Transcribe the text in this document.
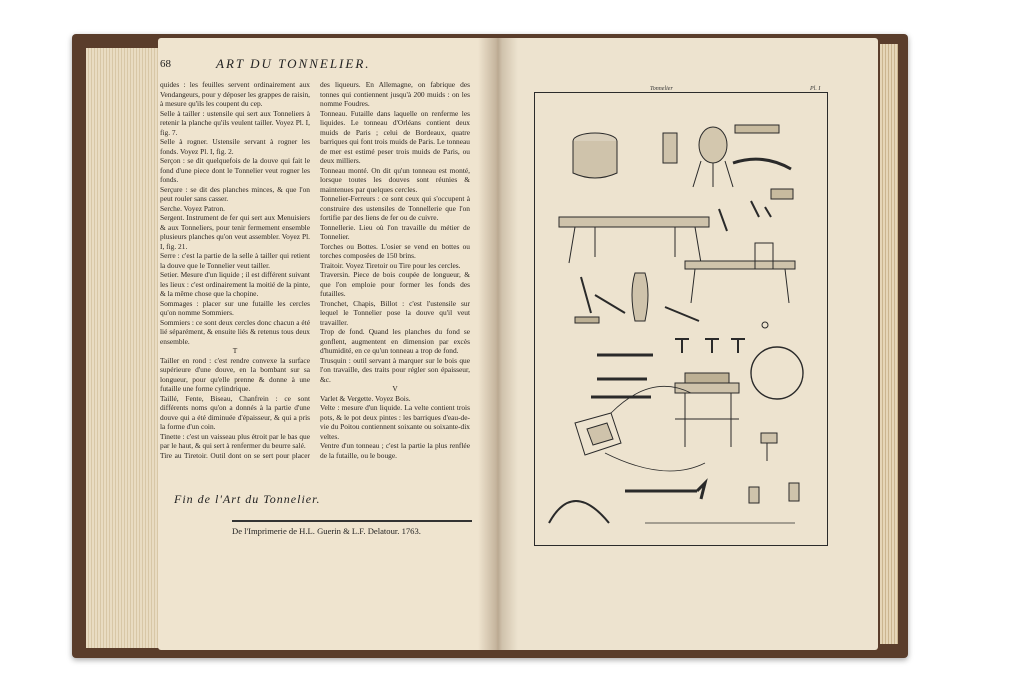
68	ART DU TONNELIER.

quides : les feuilles servent ordinairement aux Vendangeurs, pour y déposer les grappes de raisin, à mesure qu'ils les coupent du cep.

Selle à tailler : ustensile qui sert aux Tonneliers à retenir la planche qu'ils veulent tailler. Voyez Pl. I, fig. 7.

Selle à rogner. Ustensile servant à rogner les fonds. Voyez Pl. I, fig. 2.

Serçon : se dit quelquefois de la douve qui fait le fond d'une piece dont le Tonnelier veut rogner les fonds.

Serçure : se dit des planches minces, & que l'on peut rouler sans casser.

Serche. Voyez Patron.

Sergent. Instrument de fer qui sert aux Menuisiers & aux Tonneliers, pour tenir fermement ensemble plusieurs planches qu'on veut assembler. Voyez Pl. I, fig. 21.

Serre : c'est la partie de la selle à tailler qui retient la douve que le Tonnelier veut tailler.

Setier. Mesure d'un liquide ; il est différent suivant les lieux : c'est ordinairement la moitié de la pinte, & la même chose que la chopine.

Sommages : placer sur une futaille les cercles qu'on nomme Sommiers.

Sommiers : ce sont deux cercles donc chacun a été lié séparément, & ensuite liés & retenus tous deux ensemble.

T

Tailler en rond : c'est rendre convexe la surface supérieure d'une douve, en la bombant sur sa longueur, pour qu'elle prenne & donne à une futaille une forme cylindrique.

Taillé, Fente, Biseau, Chanfrein : ce sont différents noms qu'on a donnés à la partie d'une douve qui a été diminuée d'épaisseur, & qui a pris la forme d'un coin.

Tinette : c'est un vaisseau plus étroit par le bas que par le haut, & qui sert à renfermer du beurre salé.

Tire au Tiretoir. Outil dont on se sert pour placer

des liqueurs. En Allemagne, on fabrique des tonnes qui contiennent jusqu'à 200 muids : on les nomme Foudres.

Tonneau. Futaille dans laquelle on renferme les liquides. Le tonneau d'Orléans contient deux muids de Paris ; celui de Bordeaux, quatre barriques qui font trois muids de Paris. Le tonneau de mer est estimé peser trois muids de Paris, ou deux milliers.

Tonneau monté. On dit qu'un tonneau est monté, lorsque toutes les douves sont réunies & maintenues par quelques cercles.

Tonnelier-Ferreurs : ce sont ceux qui s'occupent à construire des ustensiles de Tonnellerie que l'on fortifie par des liens de fer ou de cuivre.

Tonnellerie. Lieu où l'on travaille du métier de Tonnelier.

Torches ou Bottes. L'osier se vend en bottes ou torches composées de 150 brins.

Traitoir. Voyez Tiretoir ou Tire pour les cercles.

Traversin. Piece de bois coupée de longueur, & que l'on emploie pour former les fonds des futailles.

Tronchet, Chapis, Billot : c'est l'ustensile sur lequel le Tonnelier pose la douve qu'il veut travailler.

Trop de fond. Quand les planches du fond se gonflent, augmentent en dimension par excès d'humidité, en ce qu'un tonneau a trop de fond.

Trusquin : outil servant à marquer sur le bois que l'on travaille, des traits pour régler son épaisseur, &c.

V

Varlet & Vergette. Voyez Bois.

Velte : mesure d'un liquide. La velte contient trois pots, & le pot deux pintes : les barriques d'eau-de-vie du Poitou contiennent soixante ou soixante-dix veltes.

Ventre d'un tonneau ; c'est la partie la plus renflée de la futaille, ou le bouge.

Fin de l'Art du Tonnelier.
De l'Imprimerie de H.L. Guerin & L.F. Delatour. 1763.
Tonnelier	Pl. I
